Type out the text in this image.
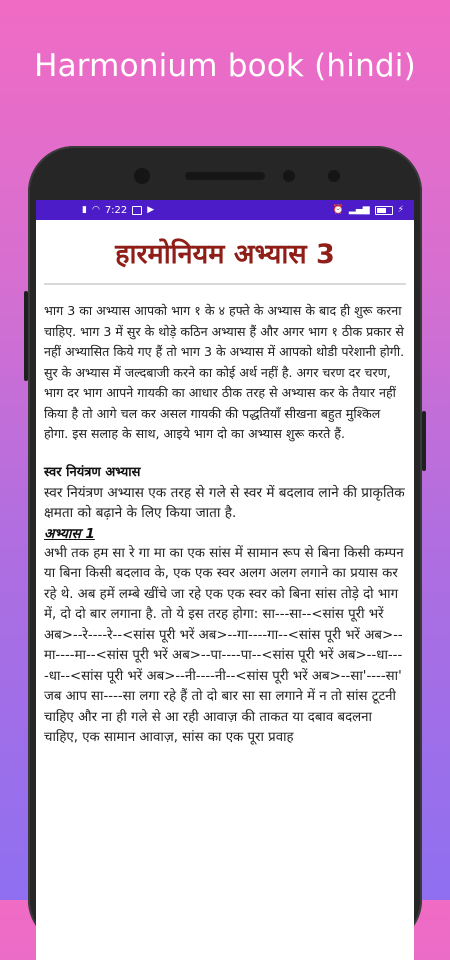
Harmonium book (hindi)
▮ ◠ 7:22 ▶	⏰ ▂▄▆	⚡
हारमोनियम अभ्यास 3

भाग 3 का अभ्यास आपको भाग १ के ४ हफ्ते के अभ्यास के बाद ही शुरू करना चाहिए. भाग 3 में सुर के थोड़े कठिन अभ्यास हैं और अगर भाग १ ठीक प्रकार से नहीं अभ्यासित किये गए हैं तो भाग 3 के अभ्यास में आपको थोडी परेशानी होगी. सुर के अभ्यास में जल्दबाजी करने का कोई अर्थ नहीं है. अगर चरण दर चरण, भाग दर भाग आपने गायकी का आधार ठीक तरह से अभ्यास कर के तैयार नहीं किया है तो आगे चल कर असल गायकी की पद्धतियाँ सीखना बहुत मुश्किल होगा. इस सलाह के साथ, आइये भाग दो का अभ्यास शुरू करते हैं.

स्वर नियंत्रण अभ्यास

स्वर नियंत्रण अभ्यास एक तरह से गले से स्वर में बदलाव लाने की प्राकृतिक क्षमता को बढ़ाने के लिए किया जाता है.

अभ्यास 1

अभी तक हम सा रे गा मा का एक सांस में सामान रूप से बिना किसी कम्पन या बिना किसी बदलाव के, एक एक स्वर अलग अलग लगाने का प्रयास कर रहे थे. अब हमें लम्बे खींचे जा रहे एक एक स्वर को बिना सांस तोड़े दो भाग में, दो दो बार लगाना है. तो ये इस तरह होगा: सा---सा--<सांस पूरी भरें अब>--रे----रे--<सांस पूरी भरें अब>--गा----गा--<सांस पूरी भरें अब>--मा----मा--<सांस पूरी भरें अब>--पा----पा--<सांस पूरी भरें अब>--धा----धा--<सांस पूरी भरें अब>--नी----नी--<सांस पूरी भरें अब>--सा'----सा' जब आप सा----सा लगा रहे हैं तो दो बार सा सा लगाने में न तो सांस टूटनी चाहिए और ना ही गले से आ रही आवाज़ की ताकत या दबाव बदलना चाहिए, एक सामान आवाज़, सांस का एक पूरा प्रवाह
